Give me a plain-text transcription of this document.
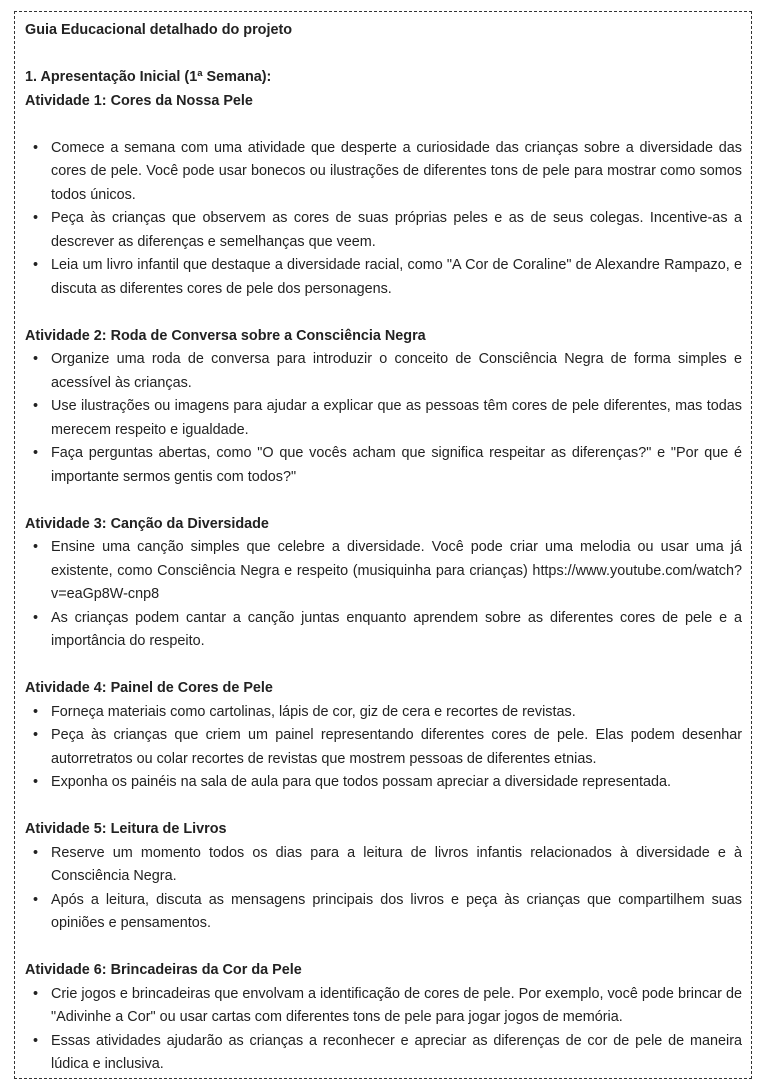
Guia Educacional detalhado do projeto
1. Apresentação Inicial (1ª Semana):
Atividade 1: Cores da Nossa Pele
• Comece a semana com uma atividade que desperte a curiosidade das crianças sobre a diversidade das cores de pele. Você pode usar bonecos ou ilustrações de diferentes tons de pele para mostrar como somos todos únicos.
• Peça às crianças que observem as cores de suas próprias peles e as de seus colegas. Incentive-as a descrever as diferenças e semelhanças que veem.
• Leia um livro infantil que destaque a diversidade racial, como "A Cor de Coraline" de Alexandre Rampazo, e discuta as diferentes cores de pele dos personagens.
Atividade 2: Roda de Conversa sobre a Consciência Negra
• Organize uma roda de conversa para introduzir o conceito de Consciência Negra de forma simples e acessível às crianças.
• Use ilustrações ou imagens para ajudar a explicar que as pessoas têm cores de pele diferentes, mas todas merecem respeito e igualdade.
• Faça perguntas abertas, como "O que vocês acham que significa respeitar as diferenças?" e "Por que é importante sermos gentis com todos?"
Atividade 3: Canção da Diversidade
• Ensine uma canção simples que celebre a diversidade. Você pode criar uma melodia ou usar uma já existente, como Consciência Negra e respeito (musiquinha para crianças) https://www.youtube.com/watch?v=eaGp8W-cnp8
• As crianças podem cantar a canção juntas enquanto aprendem sobre as diferentes cores de pele e a importância do respeito.
Atividade 4: Painel de Cores de Pele
• Forneça materiais como cartolinas, lápis de cor, giz de cera e recortes de revistas.
• Peça às crianças que criem um painel representando diferentes cores de pele. Elas podem desenhar autorretratos ou colar recortes de revistas que mostrem pessoas de diferentes etnias.
• Exponha os painéis na sala de aula para que todos possam apreciar a diversidade representada.
Atividade 5: Leitura de Livros
• Reserve um momento todos os dias para a leitura de livros infantis relacionados à diversidade e à Consciência Negra.
• Após a leitura, discuta as mensagens principais dos livros e peça às crianças que compartilhem suas opiniões e pensamentos.
Atividade 6: Brincadeiras da Cor da Pele
• Crie jogos e brincadeiras que envolvam a identificação de cores de pele. Por exemplo, você pode brincar de "Adivinhe a Cor" ou usar cartas com diferentes tons de pele para jogar jogos de memória.
• Essas atividades ajudarão as crianças a reconhecer e apreciar as diferenças de cor de pele de maneira lúdica e inclusiva.
